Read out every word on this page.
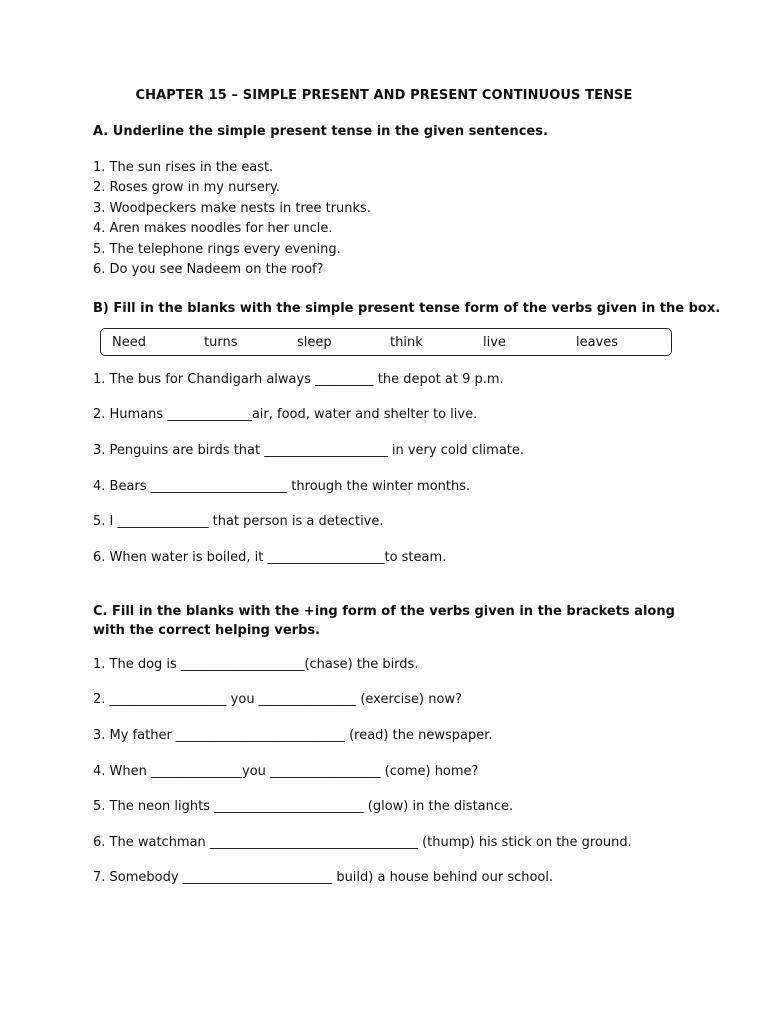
CHAPTER 15 – SIMPLE PRESENT AND PRESENT CONTINUOUS TENSE
A. Underline the simple present tense in the given sentences.
1. The sun rises in the east.
2. Roses grow in my nursery.
3. Woodpeckers make nests in tree trunks.
4. Aren makes noodles for her uncle.
5. The telephone rings every evening.
6. Do you see Nadeem on the roof?
B) Fill in the blanks with the simple present tense form of the verbs given in the box.
Need	turns	sleep	think	live	leaves
1. The bus for Chandigarh always _________ the depot at 9 p.m.
2. Humans _____________air, food, water and shelter to live.
3. Penguins are birds that ___________________ in very cold climate.
4. Bears _____________________ through the winter months.
5. I ______________ that person is a detective.
6. When water is boiled, it __________________to steam.
C. Fill in the blanks with the +ing form of the verbs given in the brackets along with the correct helping verbs.
1. The dog is ___________________(chase) the birds.
2. __________________ you _______________ (exercise) now?
3. My father __________________________ (read) the newspaper.
4. When ______________you _________________ (come) home?
5. The neon lights _______________________ (glow) in the distance.
6. The watchman ________________________________ (thump) his stick on the ground.
7. Somebody _______________________ build) a house behind our school.
